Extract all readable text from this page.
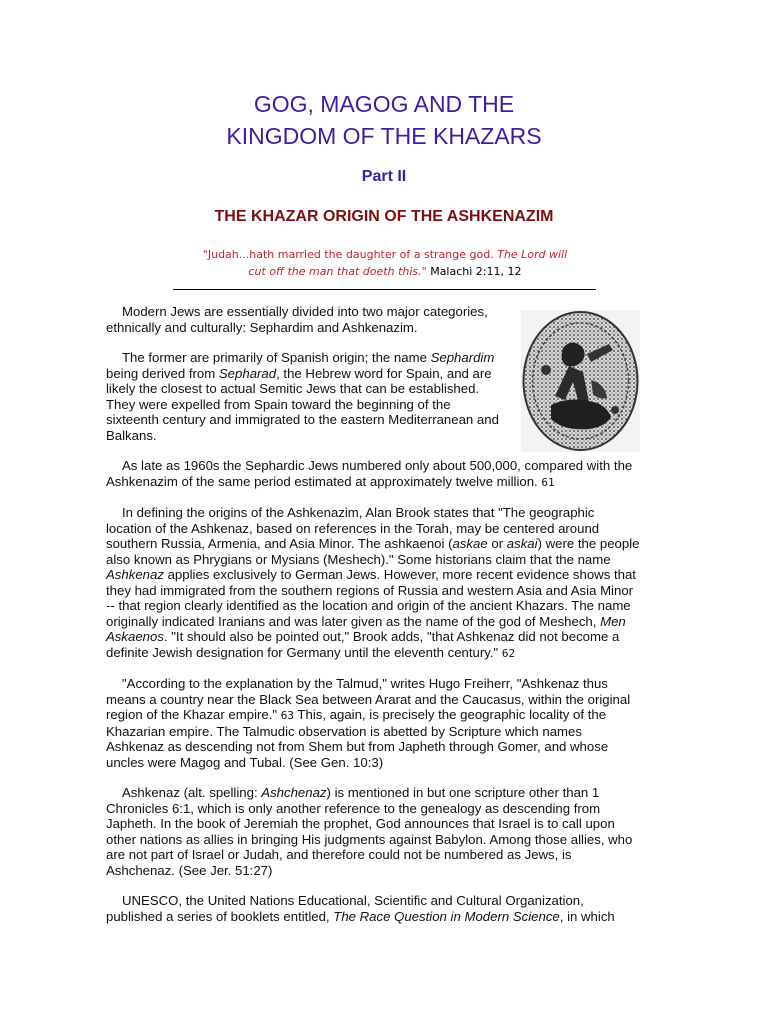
GOG, MAGOG AND THE
KINGDOM OF THE KHAZARS
Part II
THE KHAZAR ORIGIN OF THE ASHKENAZIM
"Judah...hath married the daughter of a strange god. The Lord will cut off the man that doeth this." Malachi 2:11, 12

Modern Jews are essentially divided into two major categories, ethnically and culturally: Sephardim and Ashkenazim.

The former are primarily of Spanish origin; the name Sephardim being derived from Sepharad, the Hebrew word for Spain, and are likely the closest to actual Semitic Jews that can be established. They were expelled from Spain toward the beginning of the sixteenth century and immigrated to the eastern Mediterranean and Balkans.

As late as 1960s the Sephardic Jews numbered only about 500,000, compared with the Ashkenazim of the same period estimated at approximately twelve million. 61

In defining the origins of the Ashkenazim, Alan Brook states that "The geographic location of the Ashkenaz, based on references in the Torah, may be centered around southern Russia, Armenia, and Asia Minor. The ashkaenoi (askae or askai) were the people also known as Phrygians or Mysians (Meshech)." Some historians claim that the name Ashkenaz applies exclusively to German Jews. However, more recent evidence shows that they had immigrated from the southern regions of Russia and western Asia and Asia Minor -- that region clearly identified as the location and origin of the ancient Khazars. The name originally indicated Iranians and was later given as the name of the god of Meshech, Men Askaenos. "It should also be pointed out," Brook adds, "that Ashkenaz did not become a definite Jewish designation for Germany until the eleventh century." 62

"According to the explanation by the Talmud," writes Hugo Freiherr, "Ashkenaz thus means a country near the Black Sea between Ararat and the Caucasus, within the original region of the Khazar empire." 63 This, again, is precisely the geographic locality of the Khazarian empire. The Talmudic observation is abetted by Scripture which names Ashkenaz as descending not from Shem but from Japheth through Gomer, and whose uncles were Magog and Tubal. (See Gen. 10:3)

Ashkenaz (alt. spelling: Ashchenaz) is mentioned in but one scripture other than 1 Chronicles 6:1, which is only another reference to the genealogy as descending from Japheth. In the book of Jeremiah the prophet, God announces that Israel is to call upon other nations as allies in bringing His judgments against Babylon. Among those allies, who are not part of Israel or Judah, and therefore could not be numbered as Jews, is Ashchenaz. (See Jer. 51:27)

UNESCO, the United Nations Educational, Scientific and Cultural Organization, published a series of booklets entitled, The Race Question in Modern Science, in which
